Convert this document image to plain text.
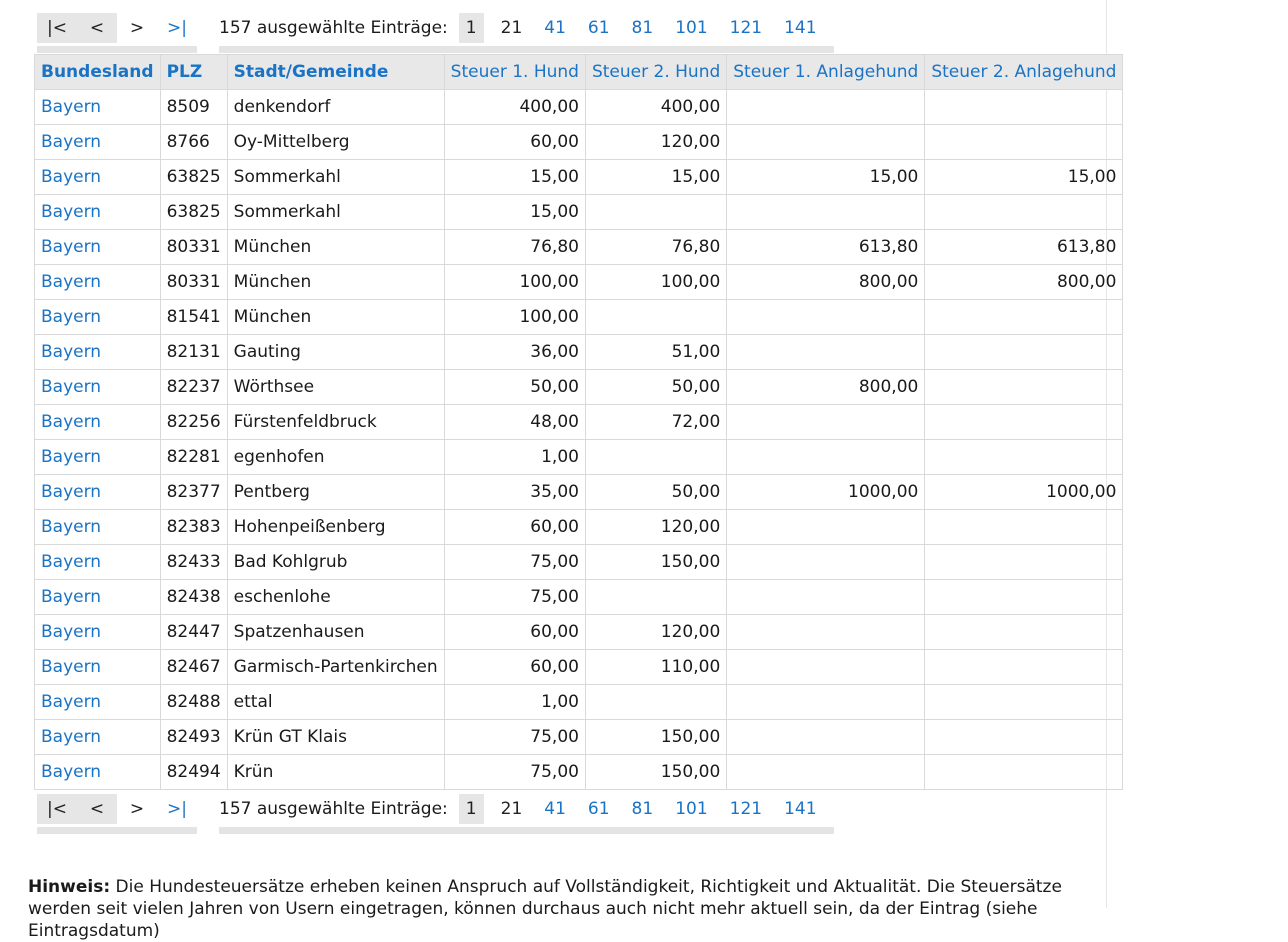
|<	<	>	>|	157 ausgewählte Einträge:	1	21	41	61	81	101	121	141
Bundesland	PLZ	Stadt/Gemeinde	Steuer 1. Hund	Steuer 2. Hund	Steuer 1. Anlagehund	Steuer 2. Anlagehund
Bayern	8509	denkendorf	400,00	400,00		
Bayern	8766	Oy-Mittelberg	60,00	120,00		
Bayern	63825	Sommerkahl	15,00	15,00	15,00	15,00
Bayern	63825	Sommerkahl	15,00			
Bayern	80331	München	76,80	76,80	613,80	613,80
Bayern	80331	München	100,00	100,00	800,00	800,00
Bayern	81541	München	100,00			
Bayern	82131	Gauting	36,00	51,00		
Bayern	82237	Wörthsee	50,00	50,00	800,00	
Bayern	82256	Fürstenfeldbruck	48,00	72,00		
Bayern	82281	egenhofen	1,00			
Bayern	82377	Pentberg	35,00	50,00	1000,00	1000,00
Bayern	82383	Hohenpeißenberg	60,00	120,00		
Bayern	82433	Bad Kohlgrub	75,00	150,00		
Bayern	82438	eschenlohe	75,00			
Bayern	82447	Spatzenhausen	60,00	120,00		
Bayern	82467	Garmisch-Partenkirchen	60,00	110,00		
Bayern	82488	ettal	1,00			
Bayern	82493	Krün GT Klais	75,00	150,00		
Bayern	82494	Krün	75,00	150,00		
|<	<	>	>|	157 ausgewählte Einträge:	1	21	41	61	81	101	121	141
Hinweis: Die Hundesteuersätze erheben keinen Anspruch auf Vollständigkeit, Richtigkeit und Aktualität. Die Steuersätze werden seit vielen Jahren von Usern eingetragen, können durchaus auch nicht mehr aktuell sein, da der Eintrag (siehe Eintragsdatum)
